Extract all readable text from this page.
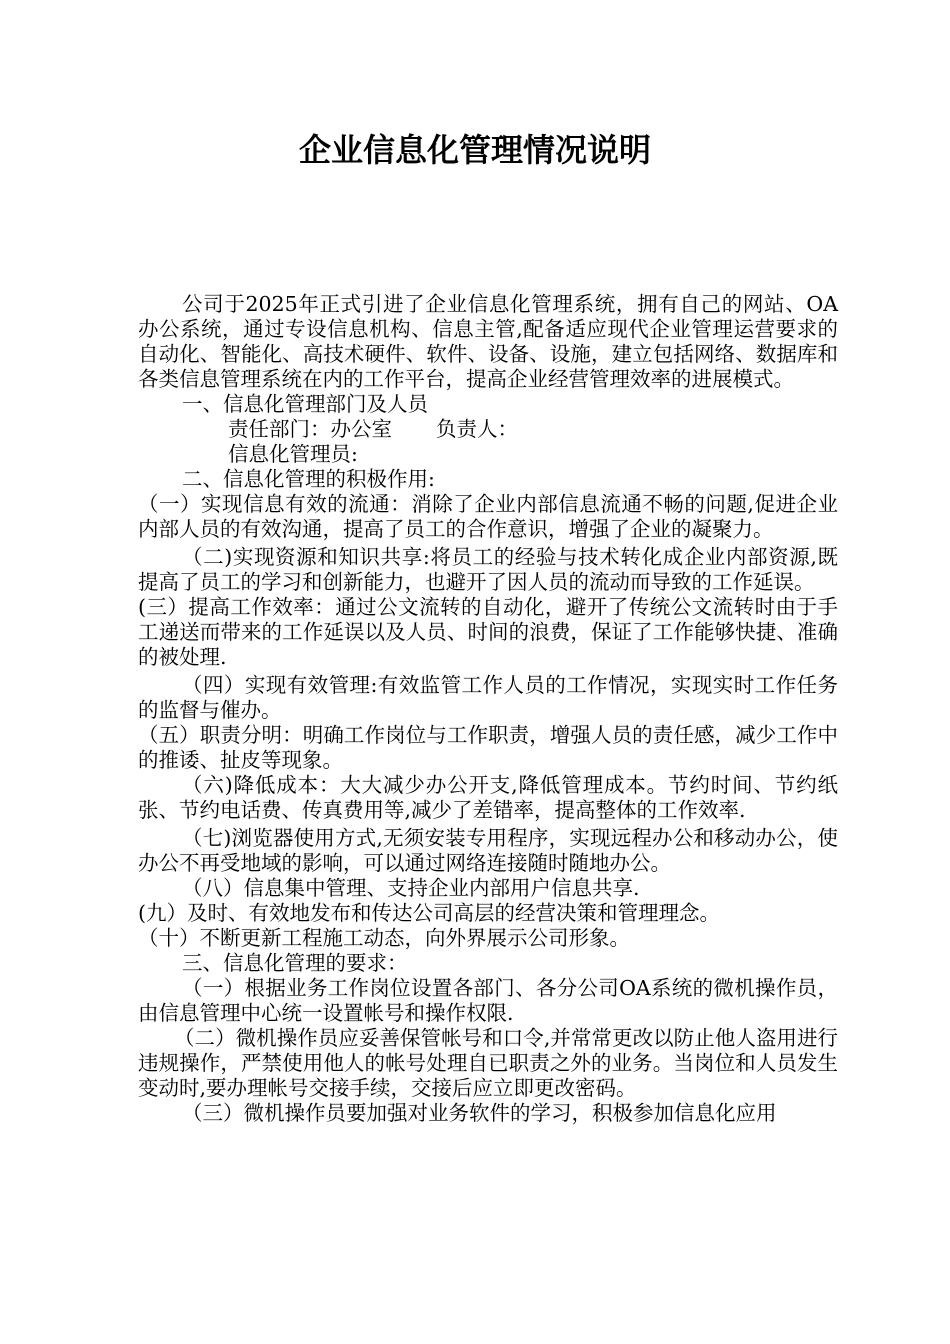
企业信息化管理情况说明

公司于2025年正式引进了企业信息化管理系统，拥有自己的网站、OA办公系统，通过专设信息机构、信息主管,配备适应现代企业管理运营要求的自动化、智能化、高技术硬件、软件、设备、设施，建立包括网络、数据库和各类信息管理系统在内的工作平台，提高企业经营管理效率的进展模式。

一、信息化管理部门及人员

责任部门：办公室 负责人：

信息化管理员:

二、信息化管理的积极作用:

（一）实现信息有效的流通：消除了企业内部信息流通不畅的问题,促进企业内部人员的有效沟通，提高了员工的合作意识，增强了企业的凝聚力。

（二)实现资源和知识共享:将员工的经验与技术转化成企业内部资源,既提高了员工的学习和创新能力，也避开了因人员的流动而导致的工作延误。

(三）提高工作效率：通过公文流转的自动化，避开了传统公文流转时由于手工递送而带来的工作延误以及人员、时间的浪费，保证了工作能够快捷、准确的被处理.

（四）实现有效管理:有效监管工作人员的工作情况，实现实时工作任务的监督与催办。

（五）职责分明：明确工作岗位与工作职责，增强人员的责任感，减少工作中的推诿、扯皮等现象。

（六)降低成本：大大减少办公开支,降低管理成本。节约时间、节约纸张、节约电话费、传真费用等,减少了差错率，提高整体的工作效率.

（七)浏览器使用方式,无须安装专用程序，实现远程办公和移动办公，使办公不再受地域的影响，可以通过网络连接随时随地办公。

（八）信息集中管理、支持企业内部用户信息共享.

(九）及时、有效地发布和传达公司高层的经营决策和管理理念。

（十）不断更新工程施工动态，向外界展示公司形象。

三、信息化管理的要求：

（一）根据业务工作岗位设置各部门、各分公司OA系统的微机操作员，由信息管理中心统一设置帐号和操作权限.

（二）微机操作员应妥善保管帐号和口令,并常常更改以防止他人盗用进行违规操作，严禁使用他人的帐号处理自已职责之外的业务。当岗位和人员发生变动时,要办理帐号交接手续，交接后应立即更改密码。

（三）微机操作员要加强对业务软件的学习，积极参加信息化应用
